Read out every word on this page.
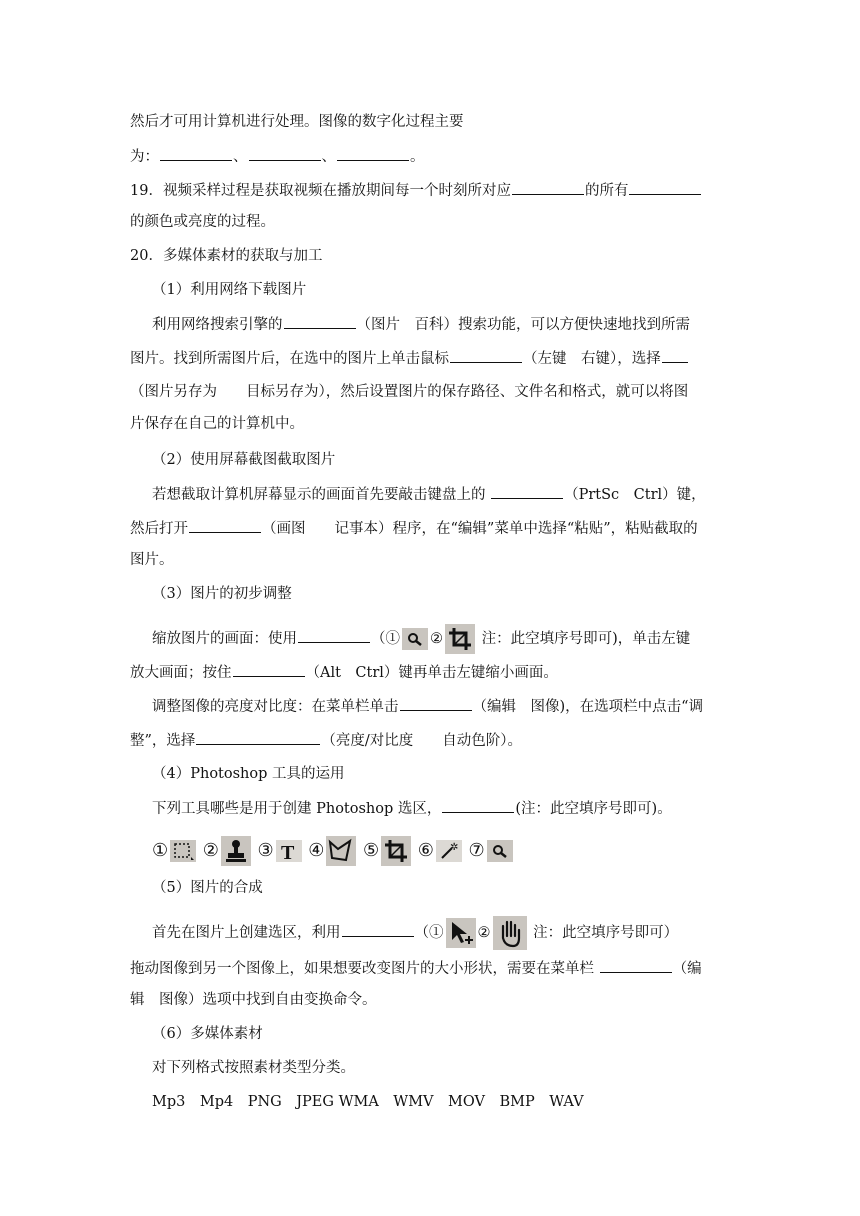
然后才可用计算机进行处理。图像的数字化过程主要
为：	、	、	。
19．视频采样过程是获取视频在播放期间每一个时刻所对应	的所有
的颜色或亮度的过程。
20．多媒体素材的获取与加工
（1）利用网络下载图片
利用网络搜索引擎的	（图片　百科）搜索功能，可以方便快速地找到所需
图片。找到所需图片后，在选中的图片上单击鼠标	（左键　右键），选择
（图片另存为　　目标另存为），然后设置图片的保存路径、文件名和格式，就可以将图
片保存在自己的计算机中。
（2）使用屏幕截图截取图片
若想截取计算机屏幕显示的画面首先要敲击键盘上的	（PrtSc　Ctrl）键，
然后打开	（画图　　记事本）程序，在“编辑”菜单中选择“粘贴”，粘贴截取的
图片。
（3）图片的初步调整
缩放图片的画面：使用	（① ②	注：此空填序号即可)，单击左键
放大画面；按住	（Alt　Ctrl）键再单击左键缩小画面。
调整图像的亮度对比度：在菜单栏单击	（编辑　图像)，在选项栏中点击“调
整”，选择	（亮度/对比度　　自动色阶）。
（4）Photoshop 工具的运用
下列工具哪些是用于创建 Photoshop 选区，	(注：此空填序号即可)。
① ② ③ T ④ ⑤ ⑥ ✲ ⑦
（5）图片的合成
首先在图片上创建选区，利用	（① ②	注：此空填序号即可）
拖动图像到另一个图像上，如果想要改变图片的大小形状，需要在菜单栏	（编
辑　图像）选项中找到自由变换命令。
（6）多媒体素材
对下列格式按照素材类型分类。
Mp3　Mp4　PNG　JPEG WMA　WMV　MOV　BMP　WAV
